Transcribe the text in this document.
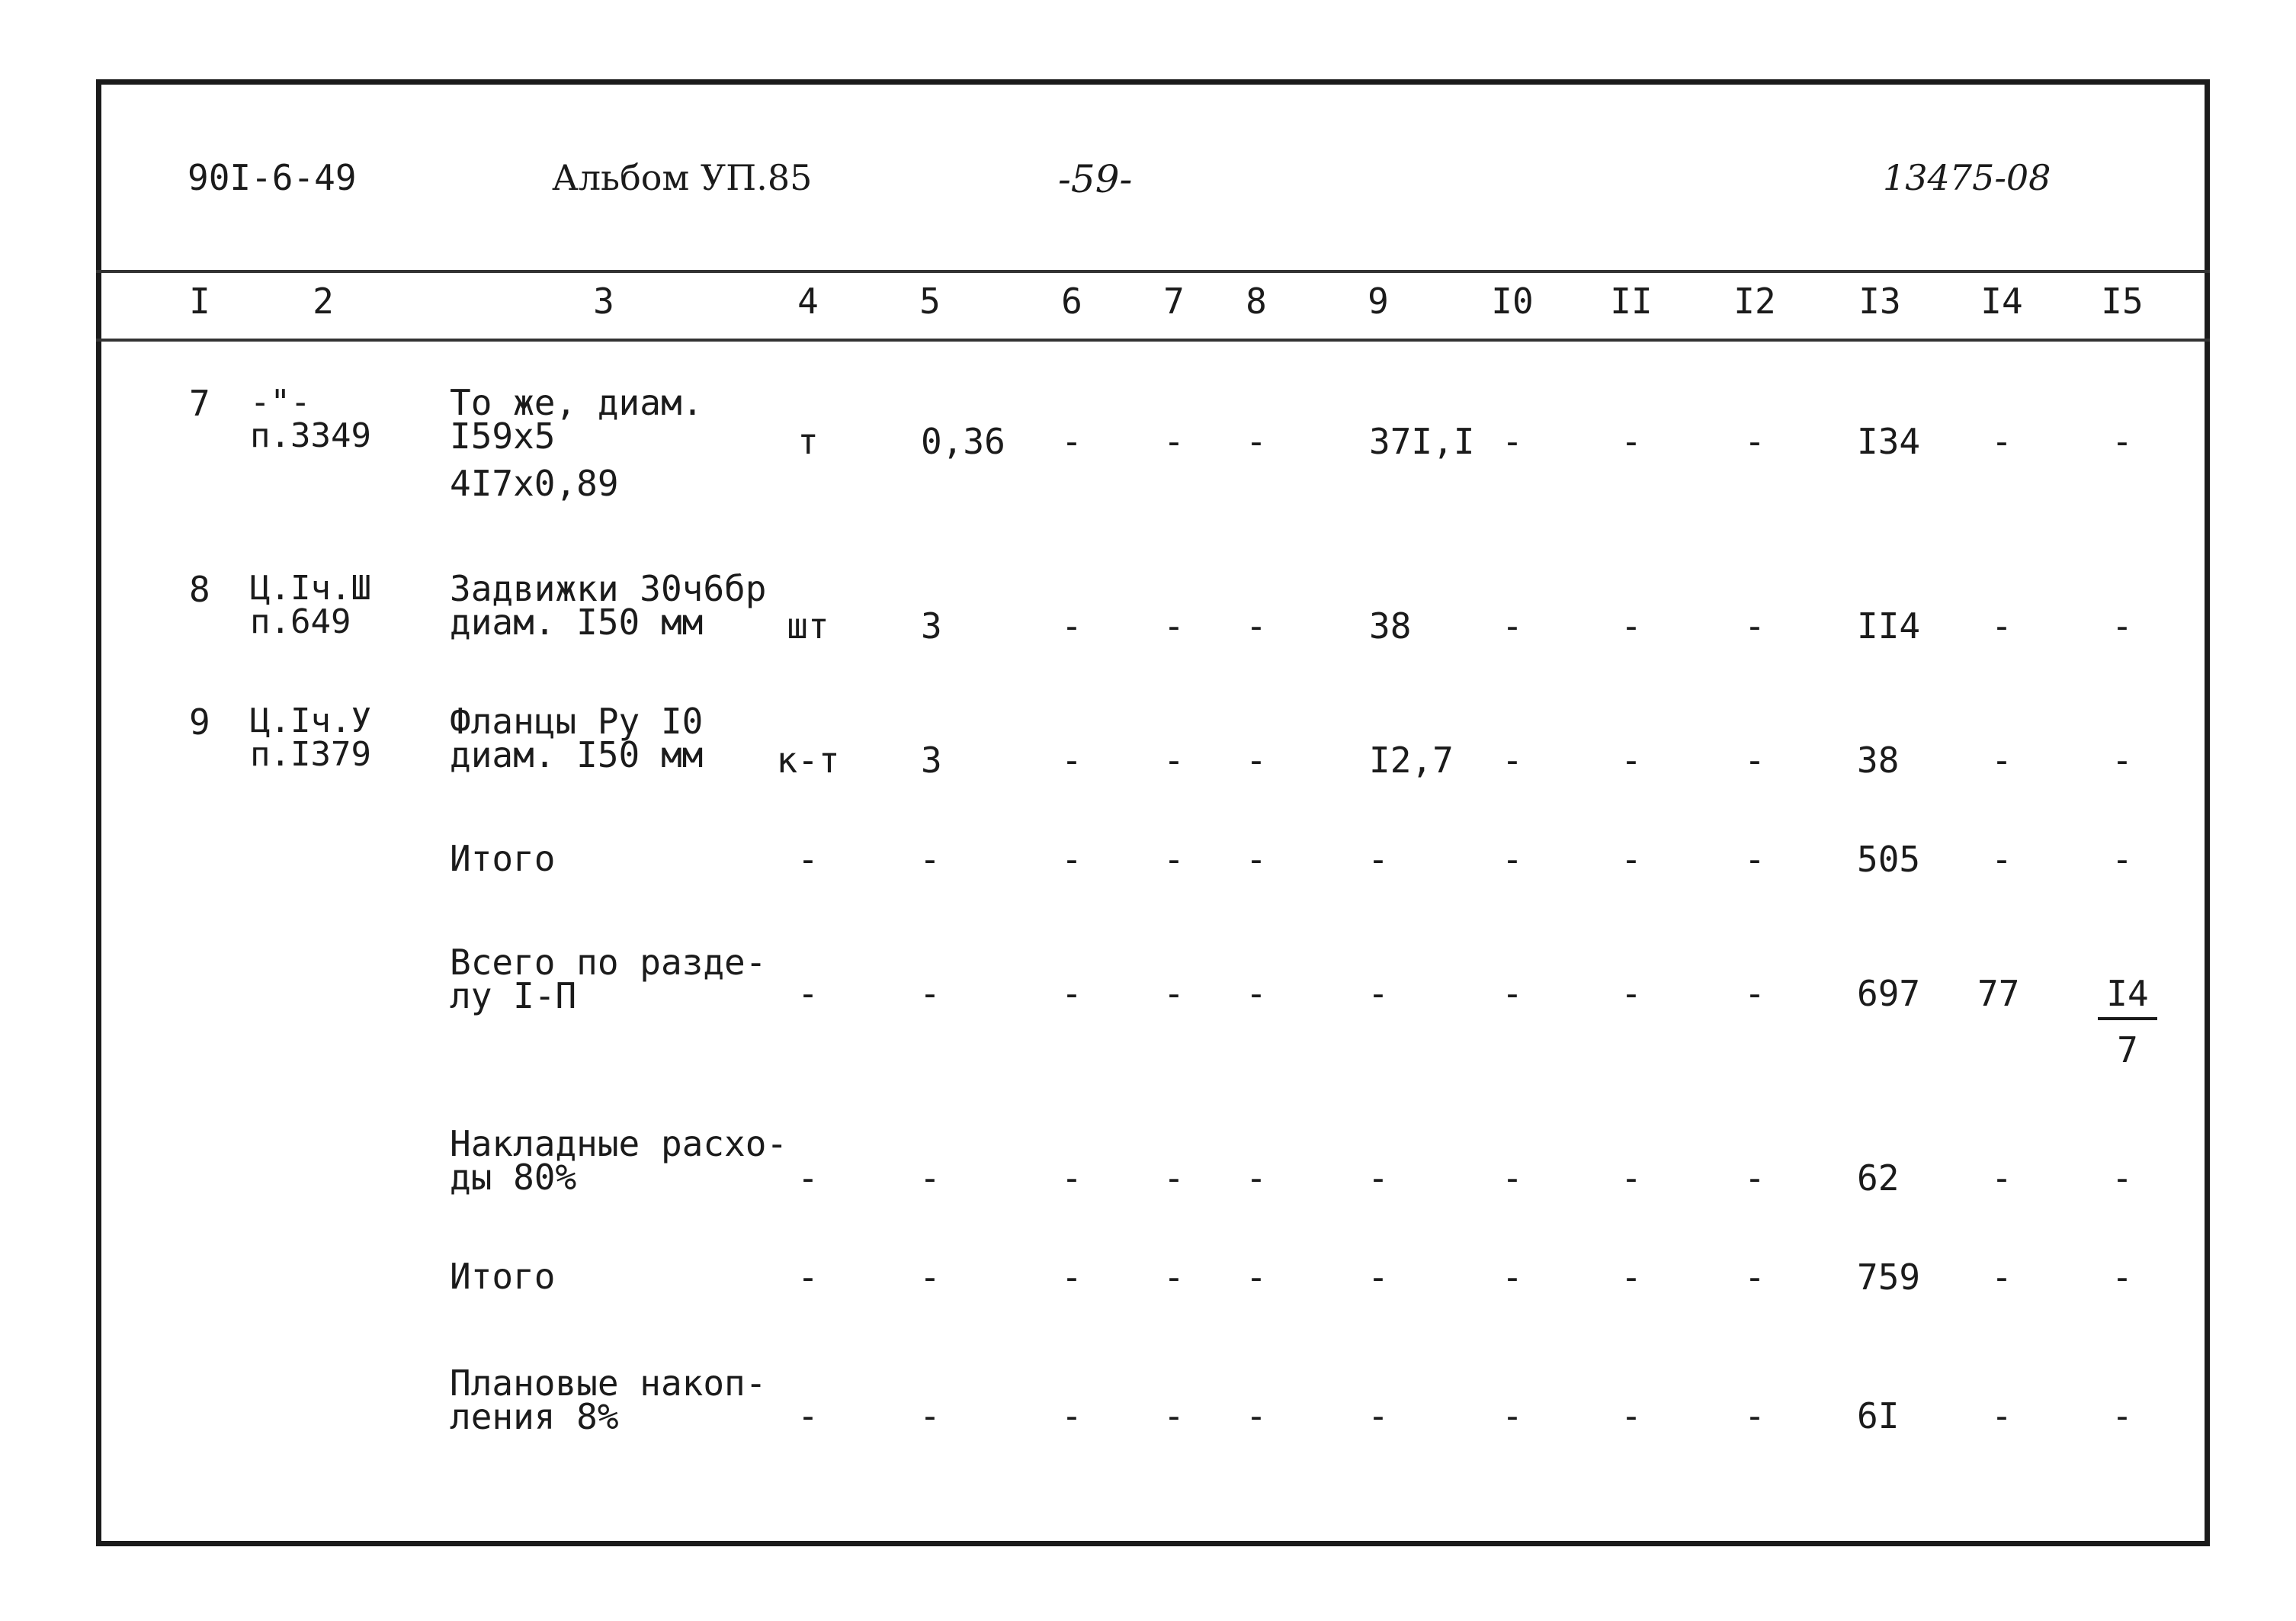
90I-6-49	Альбом УП.85	-59-	13475-08
I	2	3	4	5	6 7 8	9	I0 II I2 I3 I4 I5
7 -"-
п.3349
То же, диам.
I59х5
4I7х0,89
т	0,36 - - -	37I,I -	-	-	I34 -	-
8 Ц.Iч.Ш
п.649
Задвижки 30ч6бр
диам. I50 мм	шт	3	- - -	38	-	-	-	II4 -	-
9 Ц.Iч.У
п.I379
Фланцы Ру I0
диам. I50 мм к-т 3	- - -	I2,7 -	-	-	38	-	-
Итого	-	-	- - -	-	-	-	-	505 -	-
Всего по разде-
лу I-П	-	-	- - -	-	-	-	-	697 $77 \frac{I4}{7}$
Накладные расхо-
ды 80%	-	-	- - -	-	-	-	-	62	-	-
Итого	-	-	- - -	-	-	-	-	759 -	-
Плановые накоп-
ления 8%	-	-	- - -	-	-	-	-	6I	-	-
